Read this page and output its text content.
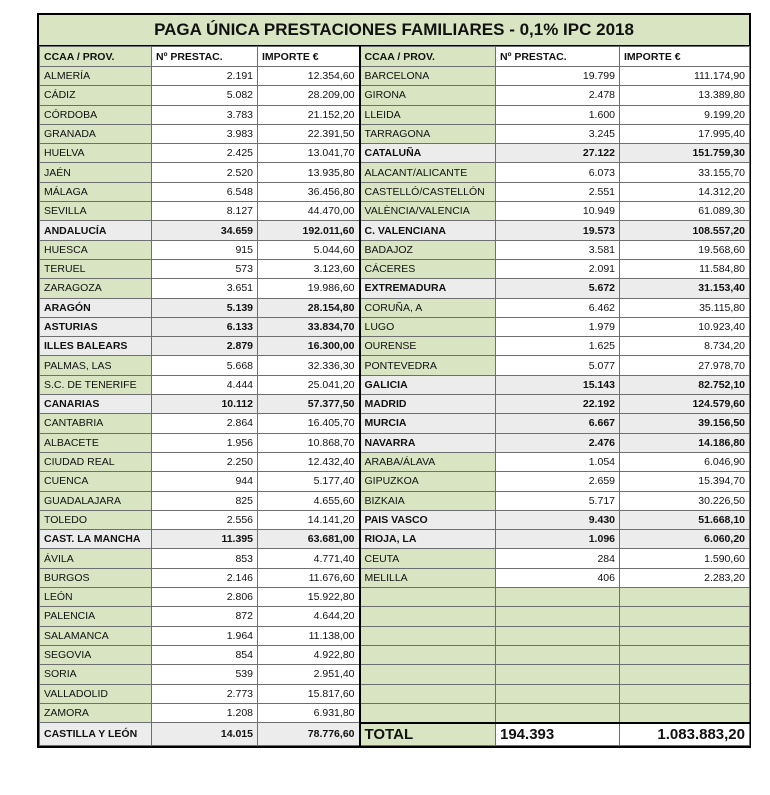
PAGA ÚNICA PRESTACIONES FAMILIARES - 0,1% IPC 2018
CCAA / PROV.	Nº PRESTAC.	IMPORTE €	CCAA / PROV.	Nº PRESTAC.	IMPORTE €
ALMERÍA	2.191	12.354,60	BARCELONA	19.799	111.174,90
CÁDIZ	5.082	28.209,00	GIRONA	2.478	13.389,80
CÓRDOBA	3.783	21.152,20	LLEIDA	1.600	9.199,20
GRANADA	3.983	22.391,50	TARRAGONA	3.245	17.995,40
HUELVA	2.425	13.041,70	CATALUÑA	27.122	151.759,30
JAÉN	2.520	13.935,80	ALACANT/ALICANTE	6.073	33.155,70
MÁLAGA	6.548	36.456,80	CASTELLÓ/CASTELLÓN	2.551	14.312,20
SEVILLA	8.127	44.470,00	VALÈNCIA/VALENCIA	10.949	61.089,30
ANDALUCÍA	34.659	192.011,60	C. VALENCIANA	19.573	108.557,20
HUESCA	915	5.044,60	BADAJOZ	3.581	19.568,60
TERUEL	573	3.123,60	CÁCERES	2.091	11.584,80
ZARAGOZA	3.651	19.986,60	EXTREMADURA	5.672	31.153,40
ARAGÓN	5.139	28.154,80	CORUÑA, A	6.462	35.115,80
ASTURIAS	6.133	33.834,70	LUGO	1.979	10.923,40
ILLES BALEARS	2.879	16.300,00	OURENSE	1.625	8.734,20
PALMAS, LAS	5.668	32.336,30	PONTEVEDRA	5.077	27.978,70
S.C. DE TENERIFE	4.444	25.041,20	GALICIA	15.143	82.752,10
CANARIAS	10.112	57.377,50	MADRID	22.192	124.579,60
CANTABRIA	2.864	16.405,70	MURCIA	6.667	39.156,50
ALBACETE	1.956	10.868,70	NAVARRA	2.476	14.186,80
CIUDAD REAL	2.250	12.432,40	ARABA/ÁLAVA	1.054	6.046,90
CUENCA	944	5.177,40	GIPUZKOA	2.659	15.394,70
GUADALAJARA	825	4.655,60	BIZKAIA	5.717	30.226,50
TOLEDO	2.556	14.141,20	PAIS VASCO	9.430	51.668,10
CAST. LA MANCHA	11.395	63.681,00	RIOJA, LA	1.096	6.060,20
ÁVILA	853	4.771,40	CEUTA	284	1.590,60
BURGOS	2.146	11.676,60	MELILLA	406	2.283,20
LEÓN	2.806	15.922,80			
PALENCIA	872	4.644,20			
SALAMANCA	1.964	11.138,00			
SEGOVIA	854	4.922,80			
SORIA	539	2.951,40			
VALLADOLID	2.773	15.817,60			
ZAMORA	1.208	6.931,80			
CASTILLA Y LEÓN	14.015	78.776,60	TOTAL	194.393	1.083.883,20
